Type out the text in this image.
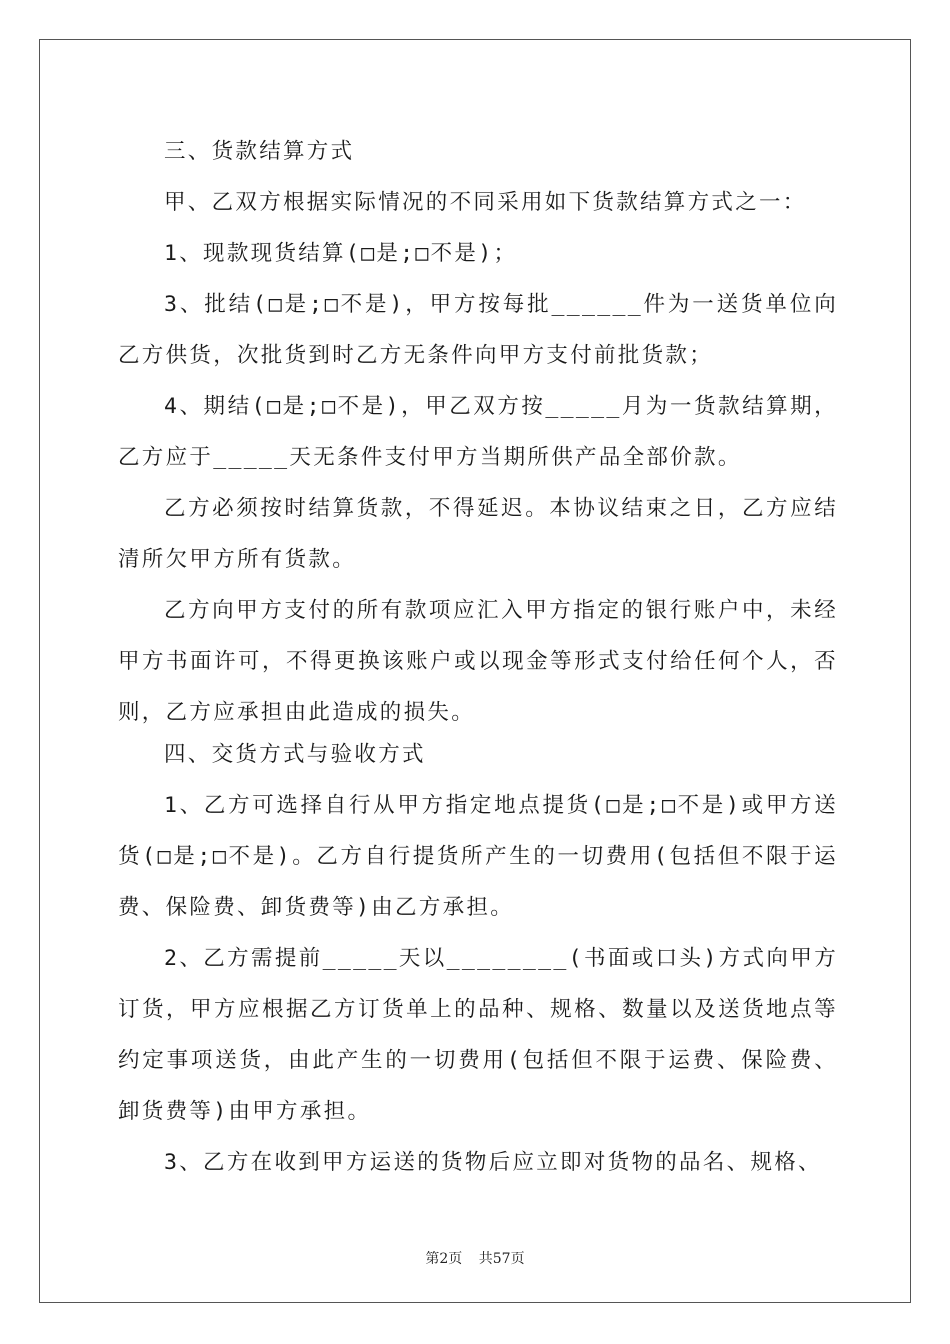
三、货款结算方式

甲、乙双方根据实际情况的不同采用如下货款结算方式之一：

1、现款现货结算(□是;□不是)；

3、批结(□是;□不是)，甲方按每批______件为一送货单位向乙方供货，次批货到时乙方无条件向甲方支付前批货款；

4、期结(□是;□不是)，甲乙双方按_____月为一货款结算期，乙方应于_____天无条件支付甲方当期所供产品全部价款。

乙方必须按时结算货款，不得延迟。本协议结束之日，乙方应结清所欠甲方所有货款。

乙方向甲方支付的所有款项应汇入甲方指定的银行账户中，未经甲方书面许可，不得更换该账户或以现金等形式支付给任何个人，否则，乙方应承担由此造成的损失。

四、交货方式与验收方式

1、乙方可选择自行从甲方指定地点提货(□是;□不是)或甲方送货(□是;□不是)。乙方自行提货所产生的一切费用(包括但不限于运费、保险费、卸货费等)由乙方承担。

2、乙方需提前_____天以________(书面或口头)方式向甲方订货，甲方应根据乙方订货单上的品种、规格、数量以及送货地点等约定事项送货，由此产生的一切费用(包括但不限于运费、保险费、卸货费等)由甲方承担。

3、乙方在收到甲方运送的货物后应立即对货物的品名、规格、

第2页 共57页
